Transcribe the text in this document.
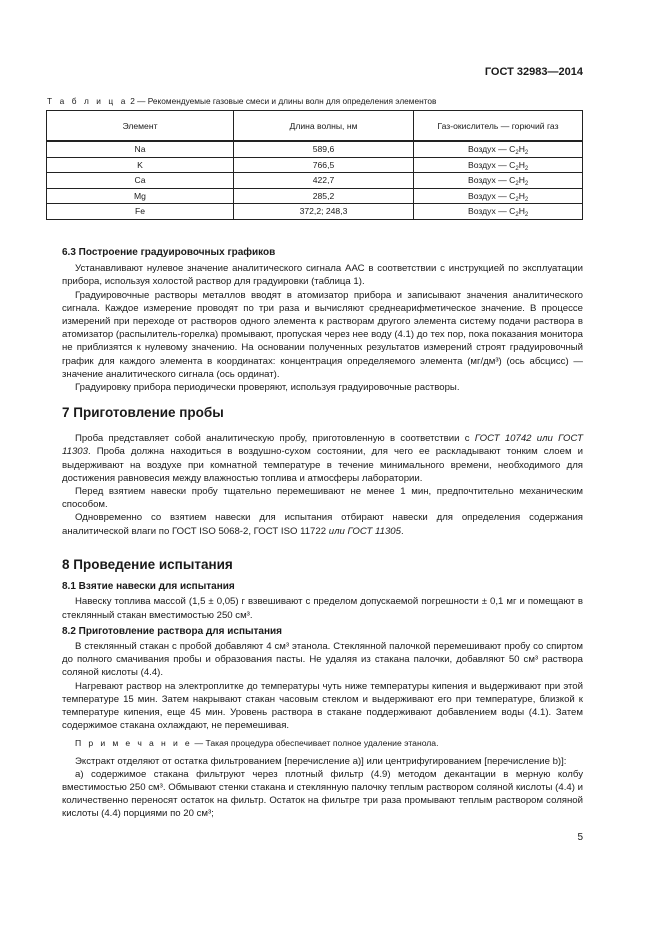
ГОСТ 32983—2014
Т а б л и ц а 2 — Рекомендуемые газовые смеси и длины волн для определения элементов
Элемент	Длина волны, нм	Газ-окислитель — горючий газ
Na	589,6	Воздух — $C_2H_2$
K	766,5	Воздух — $C_2H_2$
Ca	422,7	Воздух — $C_2H_2$
Mg	285,2	Воздух — $C_2H_2$
Fe	372,2; 248,3	Воздух — $C_2H_2$

6.3 Построение градуировочных графиков

Устанавливают нулевое значение аналитического сигнала ААС в соответствии с инструкцией по эксплуатации прибора, используя холостой раствор для градуировки (таблица 1).

Градуировочные растворы металлов вводят в атомизатор прибора и записывают значения аналитического сигнала. Каждое измерение проводят по три раза и вычисляют среднеарифметическое значение. В процессе измерений при переходе от растворов одного элемента к растворам другого элемента систему подачи раствора в атомизатор (распылитель-горелка) промывают, пропуская через нее воду (4.1) до тех пор, пока показания монитора не приблизятся к нулевому значению. На основании полученных результатов измерений строят градуировочный график для каждого элемента в координатах: концентрация определяемого элемента (мг/дм³) (ось абсцисс) — значение аналитического сигнала (ось ординат).

Градуировку прибора периодически проверяют, используя градуировочные растворы.

7 Приготовление пробы

Проба представляет собой аналитическую пробу, приготовленную в соответствии с ГОСТ 10742 или ГОСТ 11303. Проба должна находиться в воздушно-сухом состоянии, для чего ее раскладывают тонким слоем и выдерживают на воздухе при комнатной температуре в течение минимального времени, необходимого для достижения равновесия между влажностью топлива и атмосферы лаборатории.

Перед взятием навески пробу тщательно перемешивают не менее 1 мин, предпочтительно механическим способом.

Одновременно со взятием навески для испытания отбирают навески для определения содержания аналитической влаги по ГОСТ ISO 5068-2, ГОСТ ISO 11722 или ГОСТ 11305.

8 Проведение испытания

8.1 Взятие навески для испытания

Навеску топлива массой (1,5 ± 0,05) г взвешивают с пределом допускаемой погрешности ± 0,1 мг и помещают в стеклянный стакан вместимостью 250 см³.

8.2 Приготовление раствора для испытания

В стеклянный стакан с пробой добавляют 4 см³ этанола. Стеклянной палочкой перемешивают пробу со спиртом до полного смачивания пробы и образования пасты. Не удаляя из стакана палочки, добавляют 50 см³ раствора соляной кислоты (4.4).

Нагревают раствор на электроплитке до температуры чуть ниже температуры кипения и выдерживают при этой температуре 15 мин. Затем накрывают стакан часовым стеклом и выдерживают его при температуре, близкой к температуре кипения, еще 45 мин. Уровень раствора в стакане поддерживают добавлением воды (4.1). Затем содержимое стакана охлаждают, не перемешивая.

П р и м е ч а н и е — Такая процедура обеспечивает полное удаление этанола.

Экстракт отделяют от остатка фильтрованием [перечисление а)] или центрифугированием [перечисление b)]:

а) содержимое стакана фильтруют через плотный фильтр (4.9) методом декантации в мерную колбу вместимостью 250 см³. Обмывают стенки стакана и стеклянную палочку теплым раствором соляной кислоты (4.4) и количественно переносят остаток на фильтр. Остаток на фильтре три раза промывают теплым раствором соляной кислоты (4.4) порциями по 20 см³;

5
